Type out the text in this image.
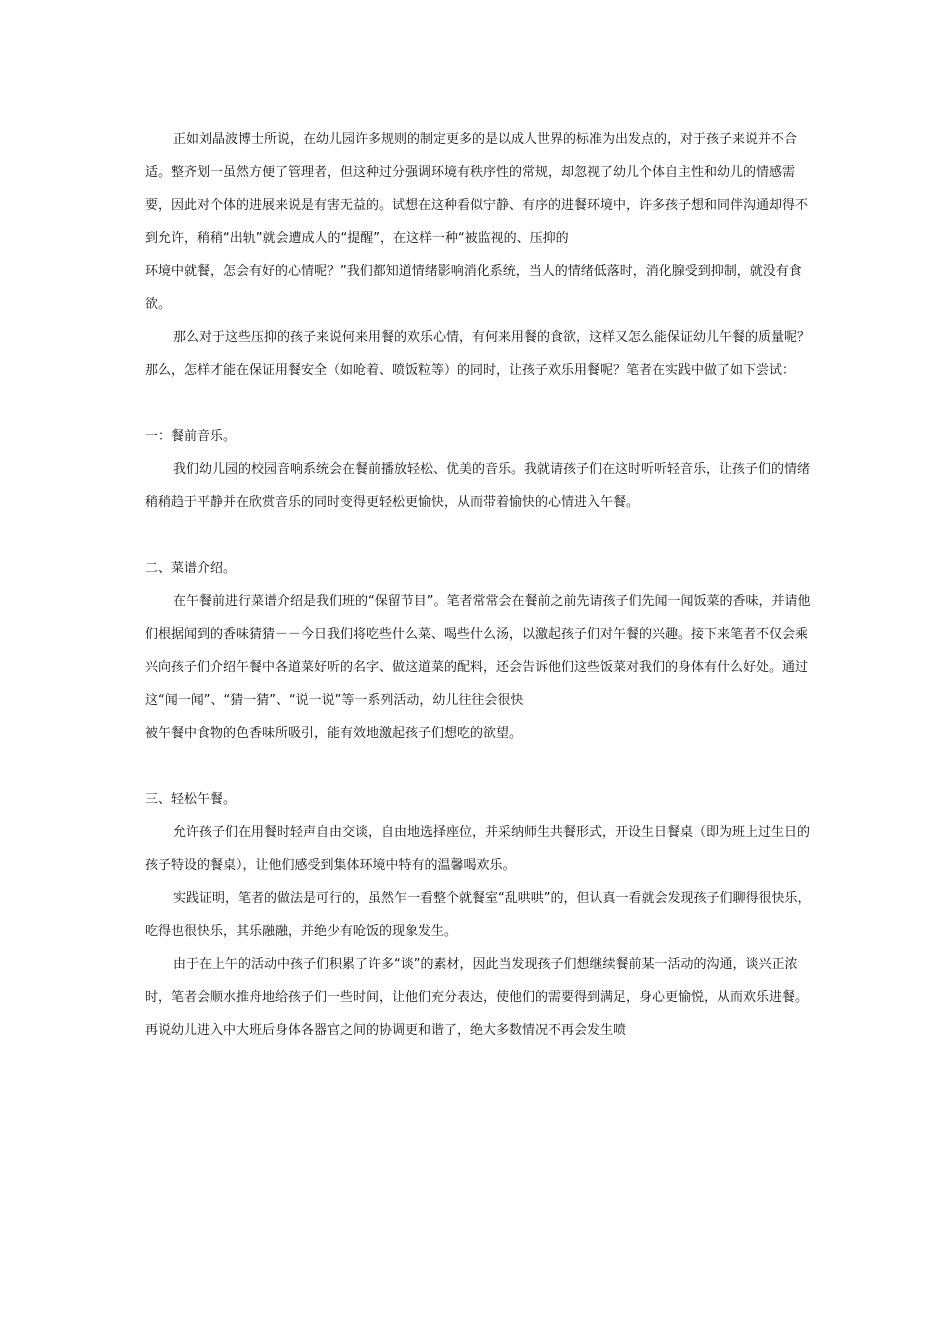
正如刘晶波博士所说，在幼儿园许多规则的制定更多的是以成人世界的标准为出发点的，对于孩子来说并不合适。整齐划一虽然方便了管理者，但这种过分强调环境有秩序性的常规，却忽视了幼儿个体自主性和幼儿的情感需要，因此对个体的进展来说是有害无益的。试想在这种看似宁静、有序的进餐环境中，许多孩子想和同伴沟通却得不到允许，稍稍“出轨”就会遭成人的“提醒”，在这样一种“被监视的、压抑的

环境中就餐，怎会有好的心情呢？”我们都知道情绪影响消化系统，当人的情绪低落时，消化腺受到抑制，就没有食欲。

那么对于这些压抑的孩子来说何来用餐的欢乐心情，有何来用餐的食欲，这样又怎么能保证幼儿午餐的质量呢？那么，怎样才能在保证用餐安全（如呛着、喷饭粒等）的同时，让孩子欢乐用餐呢？笔者在实践中做了如下尝试：

一：餐前音乐。

我们幼儿园的校园音响系统会在餐前播放轻松、优美的音乐。我就请孩子们在这时听听轻音乐，让孩子们的情绪稍稍趋于平静并在欣赏音乐的同时变得更轻松更愉快，从而带着愉快的心情进入午餐。

二、菜谱介绍。

在午餐前进行菜谱介绍是我们班的“保留节目”。笔者常常会在餐前之前先请孩子们先闻一闻饭菜的香味，并请他们根据闻到的香味猜猜－－今日我们将吃些什么菜、喝些什么汤，以激起孩子们对午餐的兴趣。接下来笔者不仅会乘兴向孩子们介绍午餐中各道菜好听的名字、做这道菜的配料，还会告诉他们这些饭菜对我们的身体有什么好处。通过这“闻一闻”、“猜一猜”、“说一说”等一系列活动，幼儿往往会很快

被午餐中食物的色香味所吸引，能有效地激起孩子们想吃的欲望。

三、轻松午餐。

允许孩子们在用餐时轻声自由交谈，自由地选择座位，并采纳师生共餐形式，开设生日餐桌（即为班上过生日的孩子特设的餐桌），让他们感受到集体环境中特有的温馨喝欢乐。

实践证明，笔者的做法是可行的，虽然乍一看整个就餐室“乱哄哄”的，但认真一看就会发现孩子们聊得很快乐，吃得也很快乐，其乐融融，并绝少有呛饭的现象发生。

由于在上午的活动中孩子们积累了许多“谈”的素材，因此当发现孩子们想继续餐前某一活动的沟通，谈兴正浓时，笔者会顺水推舟地给孩子们一些时间，让他们充分表达，使他们的需要得到满足，身心更愉悦，从而欢乐进餐。再说幼儿进入中大班后身体各器官之间的协调更和谐了，绝大多数情况不再会发生喷
